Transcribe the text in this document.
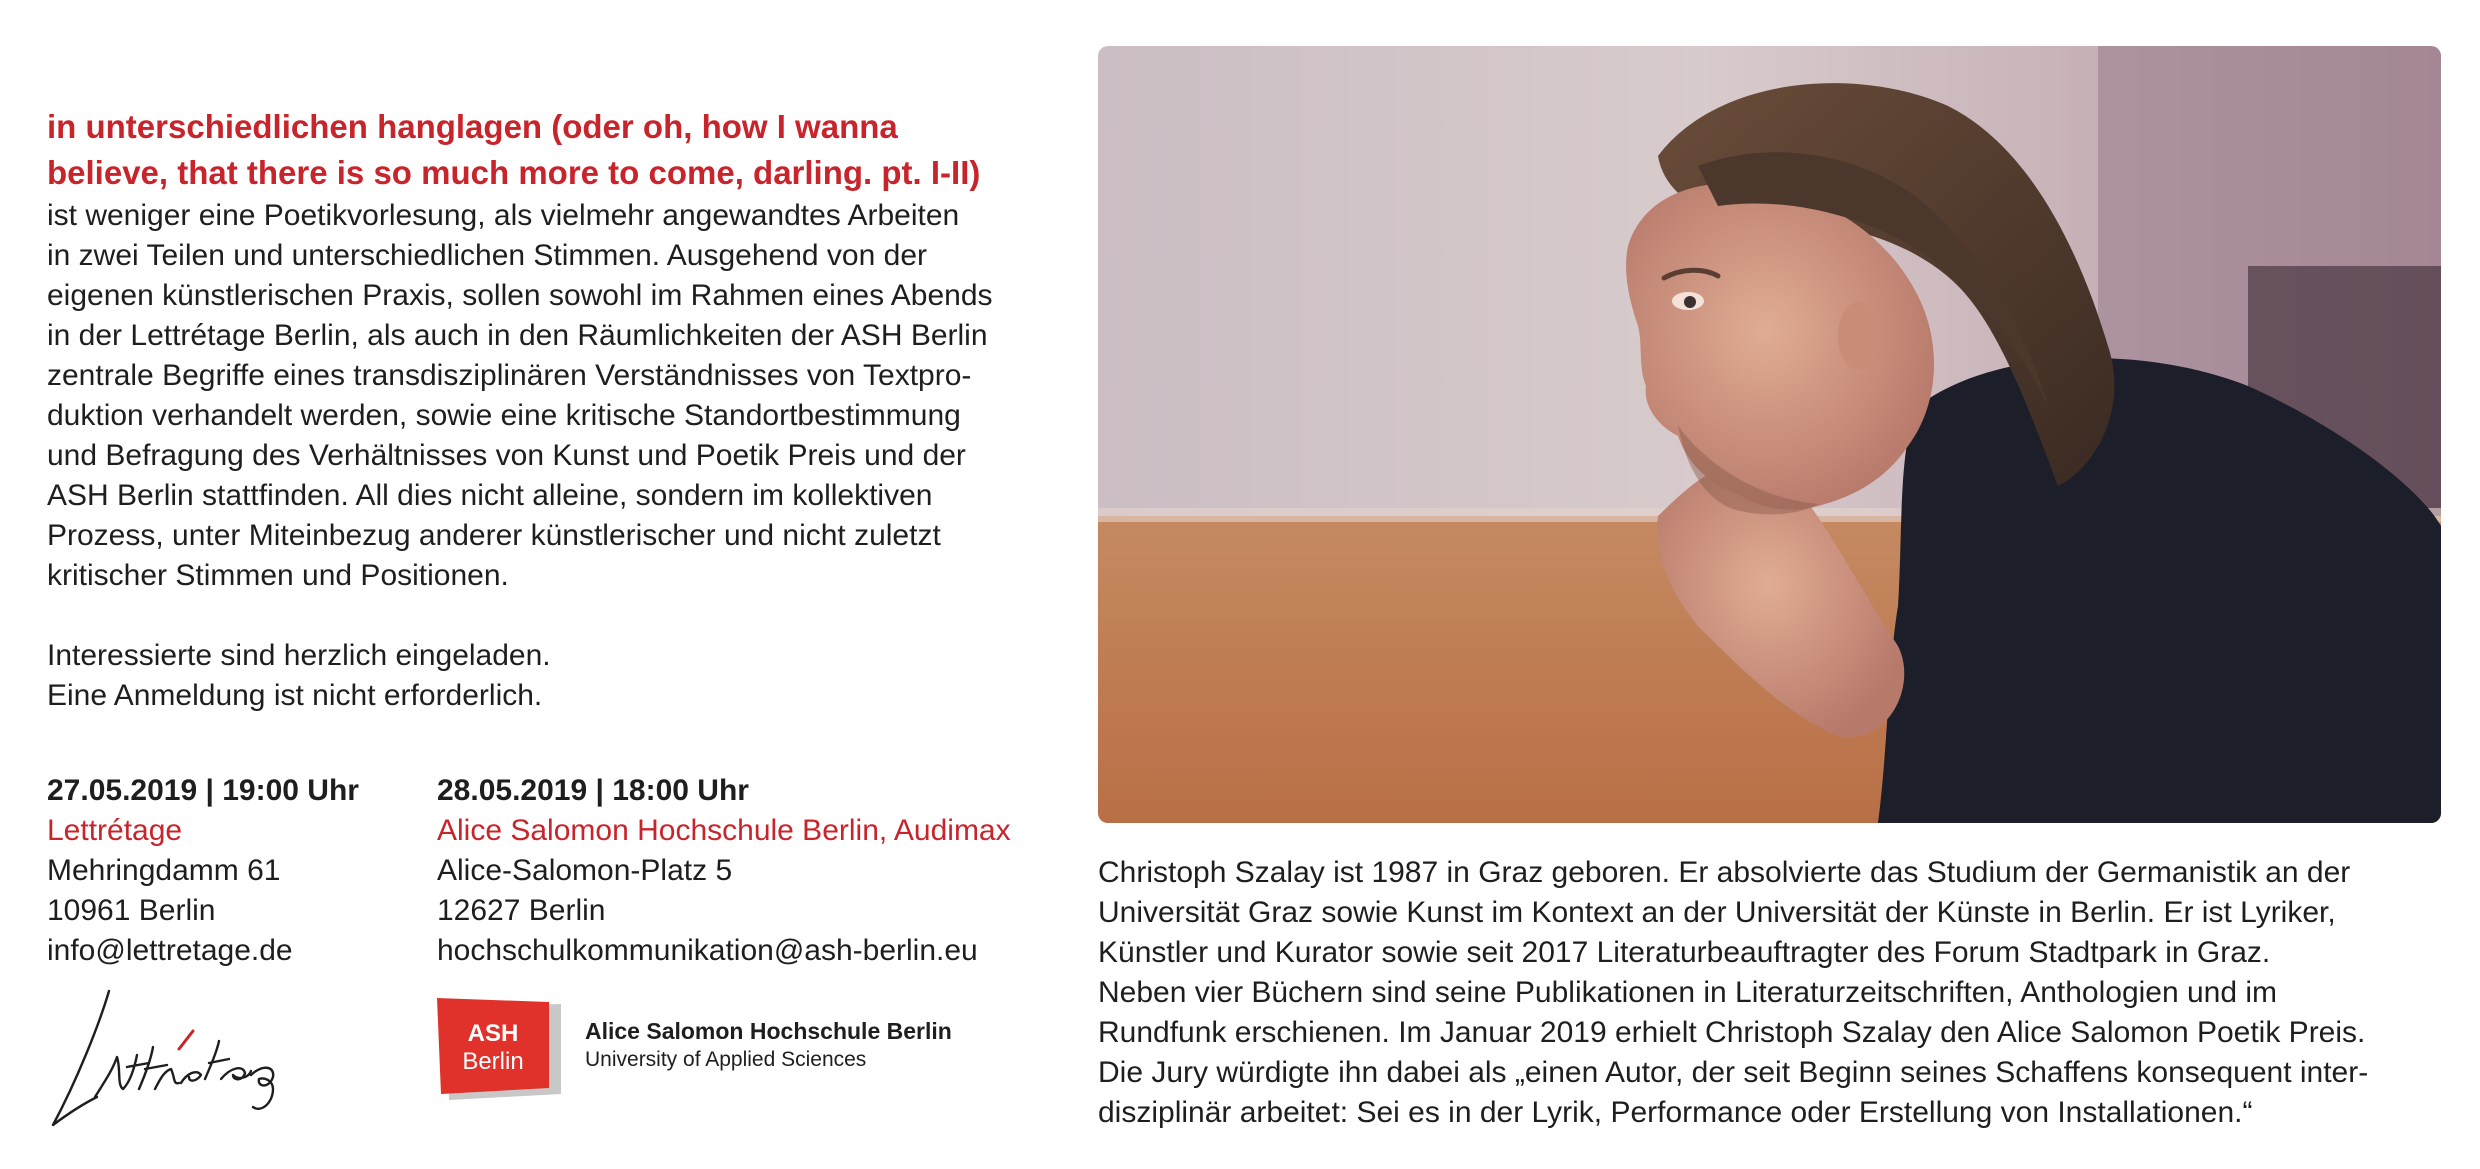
in unterschiedlichen hanglagen (oder oh, how I wanna
believe, that there is so much more to come, darling. pt. I-II)
ist weniger eine Poetikvorlesung, als vielmehr angewandtes Arbeiten
in zwei Teilen und unterschiedlichen Stimmen. Ausgehend von der
eigenen künstlerischen Praxis, sollen sowohl im Rahmen eines Abends
in der Lettrétage Berlin, als auch in den Räumlichkeiten der ASH Berlin
zentrale Begriffe eines transdisziplinären Verständnisses von Textpro-
duktion verhandelt werden, sowie eine kritische Standortbestimmung
und Befragung des Verhältnisses von Kunst und Poetik Preis und der
ASH Berlin stattfinden. All dies nicht alleine, sondern im kollektiven
Prozess, unter Miteinbezug anderer künstlerischer und nicht zuletzt
kritischer Stimmen und Positionen.
Interessierte sind herzlich eingeladen.
Eine Anmeldung ist nicht erforderlich.
27.05.2019 | 19:00 Uhr
Lettrétage
Mehringdamm 61
10961 Berlin
info@lettretage.de
28.05.2019 | 18:00 Uhr
Alice Salomon Hochschule Berlin, Audimax
Alice-Salomon-Platz 5
12627 Berlin
hochschulkommunikation@ash-berlin.eu
ASH
Berlin
Alice Salomon Hochschule Berlin
University of Applied Sciences
Christoph Szalay ist 1987 in Graz geboren. Er absolvierte das Studium der Germanistik an der
Universität Graz sowie Kunst im Kontext an der Universität der Künste in Berlin. Er ist Lyriker,
Künstler und Kurator sowie seit 2017 Literaturbeauftragter des Forum Stadtpark in Graz.
Neben vier Büchern sind seine Publikationen in Literaturzeitschriften, Anthologien und im
Rundfunk erschienen. Im Januar 2019 erhielt Christoph Szalay den Alice Salomon Poetik Preis.
Die Jury würdigte ihn dabei als „einen Autor, der seit Beginn seines Schaffens konsequent inter-
disziplinär arbeitet: Sei es in der Lyrik, Performance oder Erstellung von Installationen.“
